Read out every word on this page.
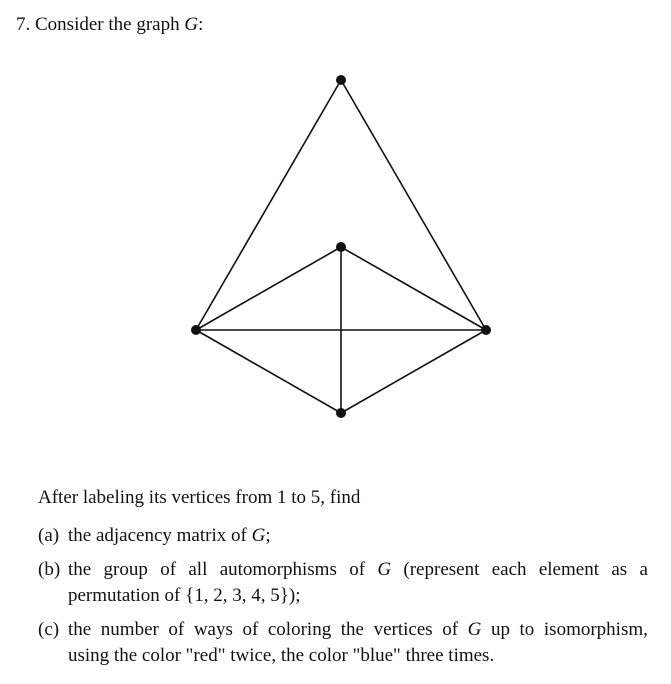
7. Consider the graph G:
After labeling its vertices from 1 to 5, find
(a) the adjacency matrix of G;
(b) the group of all automorphisms of G (represent each element as a
permutation of {1, 2, 3, 4, 5});
(c) the number of ways of coloring the vertices of G up to isomorphism,
using the color "red" twice, the color "blue" three times.
